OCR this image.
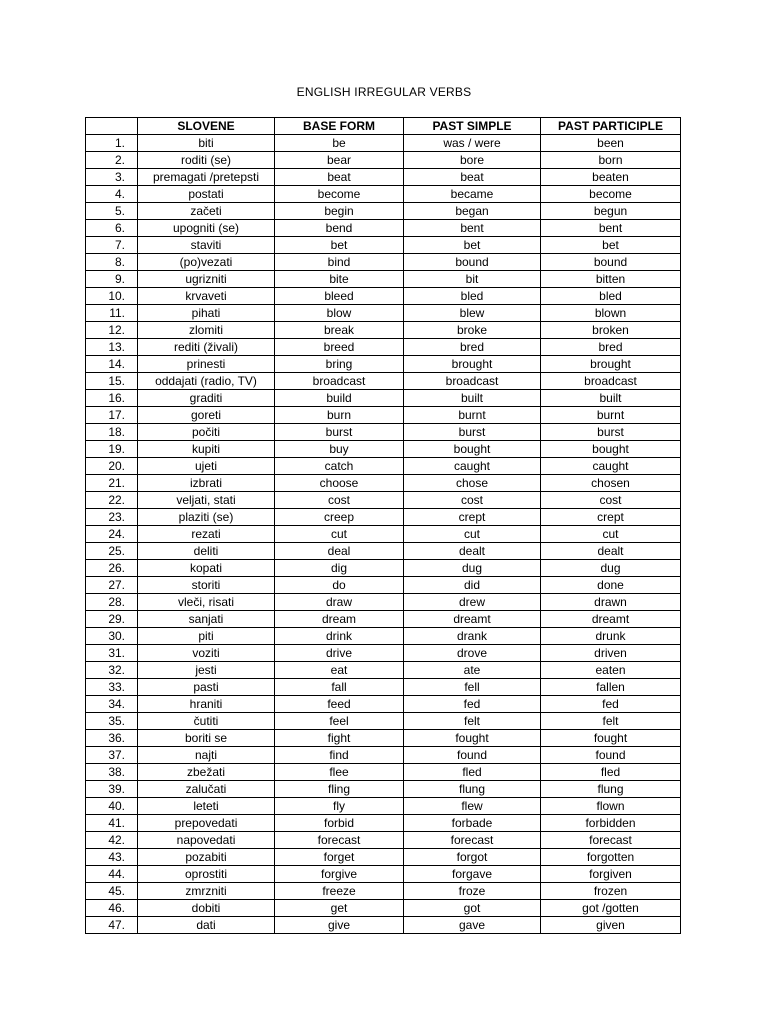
ENGLISH IRREGULAR VERBS
	SLOVENE	BASE FORM	PAST SIMPLE	PAST PARTICIPLE
1.	biti	be	was / were	been
2.	roditi (se)	bear	bore	born
3.	premagati /pretepsti	beat	beat	beaten
4.	postati	become	became	become
5.	začeti	begin	began	begun
6.	upogniti (se)	bend	bent	bent
7.	staviti	bet	bet	bet
8.	(po)vezati	bind	bound	bound
9.	ugrizniti	bite	bit	bitten
10.	krvaveti	bleed	bled	bled
11.	pihati	blow	blew	blown
12.	zlomiti	break	broke	broken
13.	rediti (živali)	breed	bred	bred
14.	prinesti	bring	brought	brought
15.	oddajati (radio, TV)	broadcast	broadcast	broadcast
16.	graditi	build	built	built
17.	goreti	burn	burnt	burnt
18.	počiti	burst	burst	burst
19.	kupiti	buy	bought	bought
20.	ujeti	catch	caught	caught
21.	izbrati	choose	chose	chosen
22.	veljati, stati	cost	cost	cost
23.	plaziti (se)	creep	crept	crept
24.	rezati	cut	cut	cut
25.	deliti	deal	dealt	dealt
26.	kopati	dig	dug	dug
27.	storiti	do	did	done
28.	vleči, risati	draw	drew	drawn
29.	sanjati	dream	dreamt	dreamt
30.	piti	drink	drank	drunk
31.	voziti	drive	drove	driven
32.	jesti	eat	ate	eaten
33.	pasti	fall	fell	fallen
34.	hraniti	feed	fed	fed
35.	čutiti	feel	felt	felt
36.	boriti se	fight	fought	fought
37.	najti	find	found	found
38.	zbežati	flee	fled	fled
39.	zalučati	fling	flung	flung
40.	leteti	fly	flew	flown
41.	prepovedati	forbid	forbade	forbidden
42.	napovedati	forecast	forecast	forecast
43.	pozabiti	forget	forgot	forgotten
44.	oprostiti	forgive	forgave	forgiven
45.	zmrzniti	freeze	froze	frozen
46.	dobiti	get	got	got /gotten
47.	dati	give	gave	given
